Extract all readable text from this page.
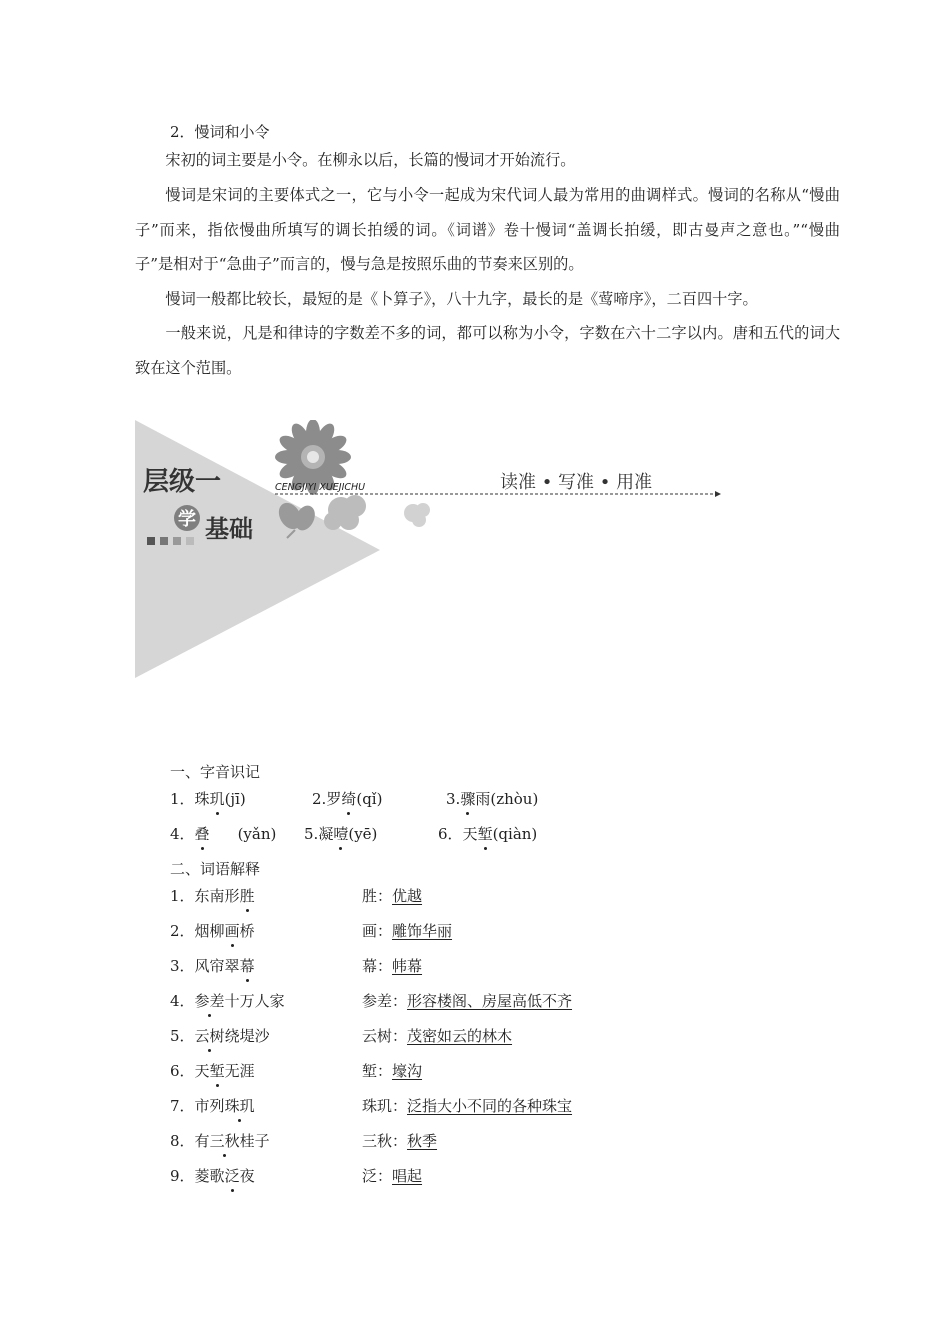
2．慢词和小令
宋初的词主要是小令。在柳永以后，长篇的慢词才开始流行。
慢词是宋词的主要体式之一，它与小令一起成为宋代词人最为常用的曲调样式。慢词的名称从“慢曲子”而来，指依慢曲所填写的调长拍缓的词。《词谱》卷十慢词“盖调长拍缓，即古曼声之意也。”“慢曲子”是相对于“急曲子”而言的，慢与急是按照乐曲的节奏来区别的。
慢词一般都比较长，最短的是《卜算子》，八十九字，最长的是《莺啼序》，二百四十字。
一般来说，凡是和律诗的字数差不多的词，都可以称为小令，字数在六十二字以内。唐和五代的词大致在这个范围。
层级一
学 基础
CENGJIYI XUEJICHU	读准 • 写准 • 用准
一、字音识记
1．珠玑(jī)	2.罗绮(qǐ)	3.骤雨(zhòu)
4．叠 (yǎn) 5.凝噎(yē)	6．天堑(qiàn)
二、词语解释
1．东南形胜	胜：优越
2．烟柳画桥	画：雕饰华丽
3．风帘翠幕	幕：帏幕
4．参差十万人家	参差：形容楼阁、房屋高低不齐
5．云树绕堤沙	云树：茂密如云的林木
6．天堑无涯	堑：壕沟
7．市列珠玑	珠玑：泛指大小不同的各种珠宝
8．有三秋桂子	三秋：秋季
9．菱歌泛夜	泛：唱起
